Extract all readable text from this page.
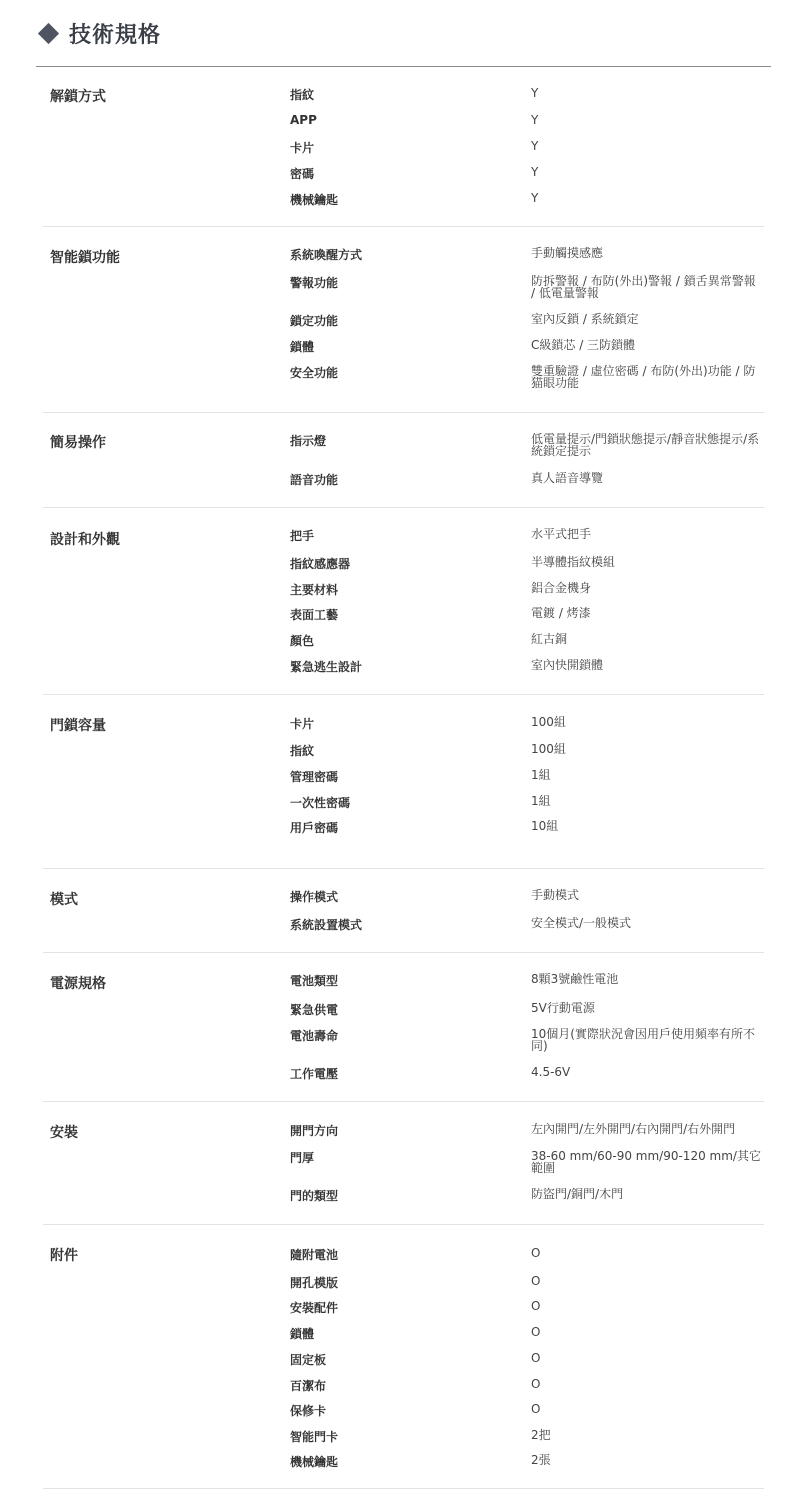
技術規格
解鎖方式	指紋	Y
APP	Y
卡片	Y
密碼	Y
機械鑰匙	Y
智能鎖功能	系統喚醒方式	手動觸摸感應
警報功能	防拆警報 / 布防(外出)警報 / 鎖舌異常警報 / 低電量警報
鎖定功能	室內反鎖 / 系統鎖定
鎖體	C級鎖芯 / 三防鎖體
安全功能	雙重驗證 / 虛位密碼 / 布防(外出)功能 / 防猫眼功能
簡易操作	指示燈	低電量提示/門鎖狀態提示/靜音狀態提示/系統鎖定提示
語音功能	真人語音導覽
設計和外觀	把手	水平式把手
指紋感應器	半導體指紋模組
主要材料	鋁合金機身
表面工藝	電鍍 / 烤漆
顏色	紅古銅
緊急逃生設計	室內快開鎖體
門鎖容量	卡片	100組
指紋	100組
管理密碼	1組
一次性密碼	1組
用戶密碼	10組
模式	操作模式	手動模式
系統設置模式	安全模式/一般模式
電源規格	電池類型	8顆3號鹼性電池
緊急供電	5V行動電源
電池壽命	10個月(實際狀況會因用戶使用頻率有所不同)
工作電壓	4.5-6V
安裝	開門方向	左內開門/左外開門/右內開門/右外開門
門厚	38-60 mm/60-90 mm/90-120 mm/其它範圍
門的類型	防盜門/銅門/木門
附件	隨附電池	O
開孔模版	O
安裝配件	O
鎖體	O
固定板	O
百潔布	O
保修卡	O
智能門卡	2把
機械鑰匙	2張
